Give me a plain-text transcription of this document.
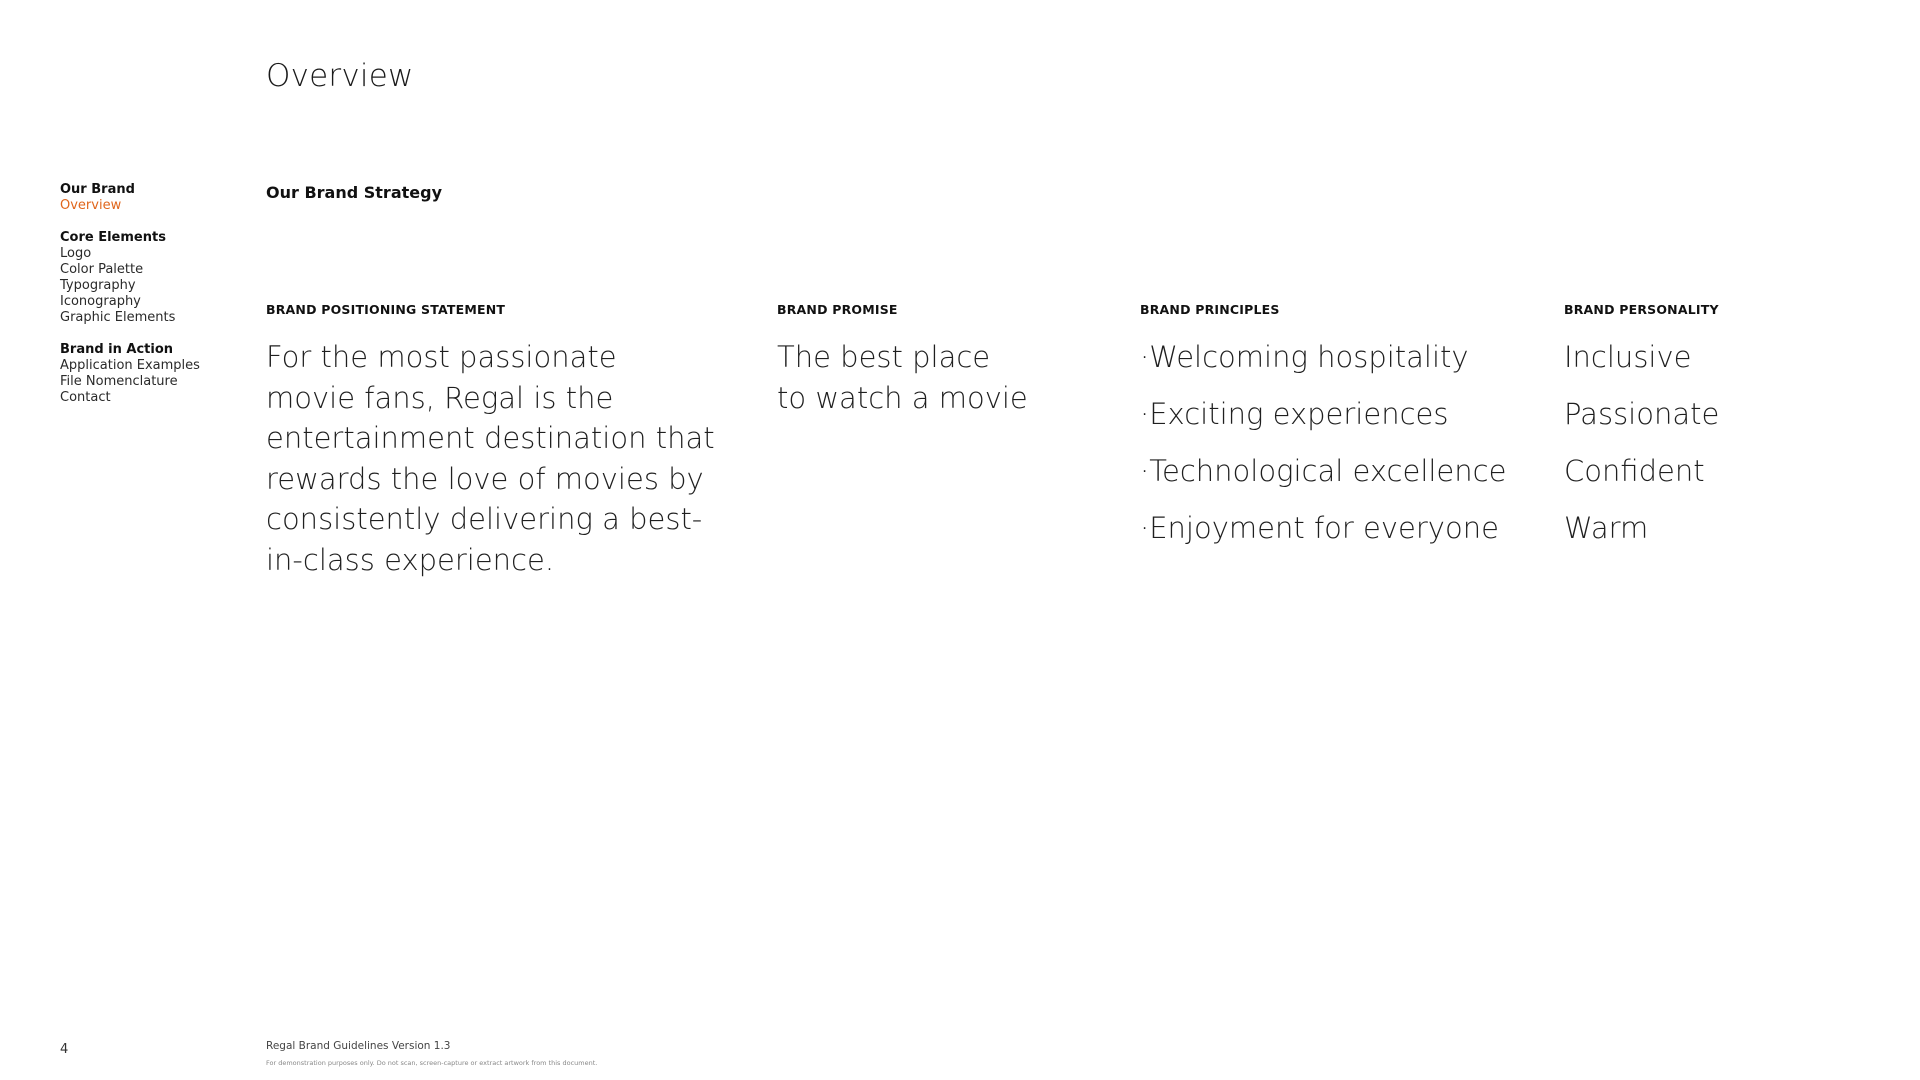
Overview
Our Brand
Overview
Core Elements
Logo
Color Palette
Typography
Iconography
Graphic Elements
Brand in Action
Application Examples
File Nomenclature
Contact
Our Brand Strategy
BRAND POSITIONING STATEMENT
For the most passionate
movie fans, Regal is the
entertainment destination that
rewards the love of movies by
consistently delivering a best-
in-class experience.
BRAND PROMISE
The best place
to watch a movie
BRAND PRINCIPLES
·Welcoming hospitality
·Exciting experiences
·Technological excellence
·Enjoyment for everyone
BRAND PERSONALITY
Inclusive
Passionate
Confident
Warm
4	Regal Brand Guidelines Version 1.3
For demonstration purposes only. Do not scan, screen-capture or extract artwork from this document.
